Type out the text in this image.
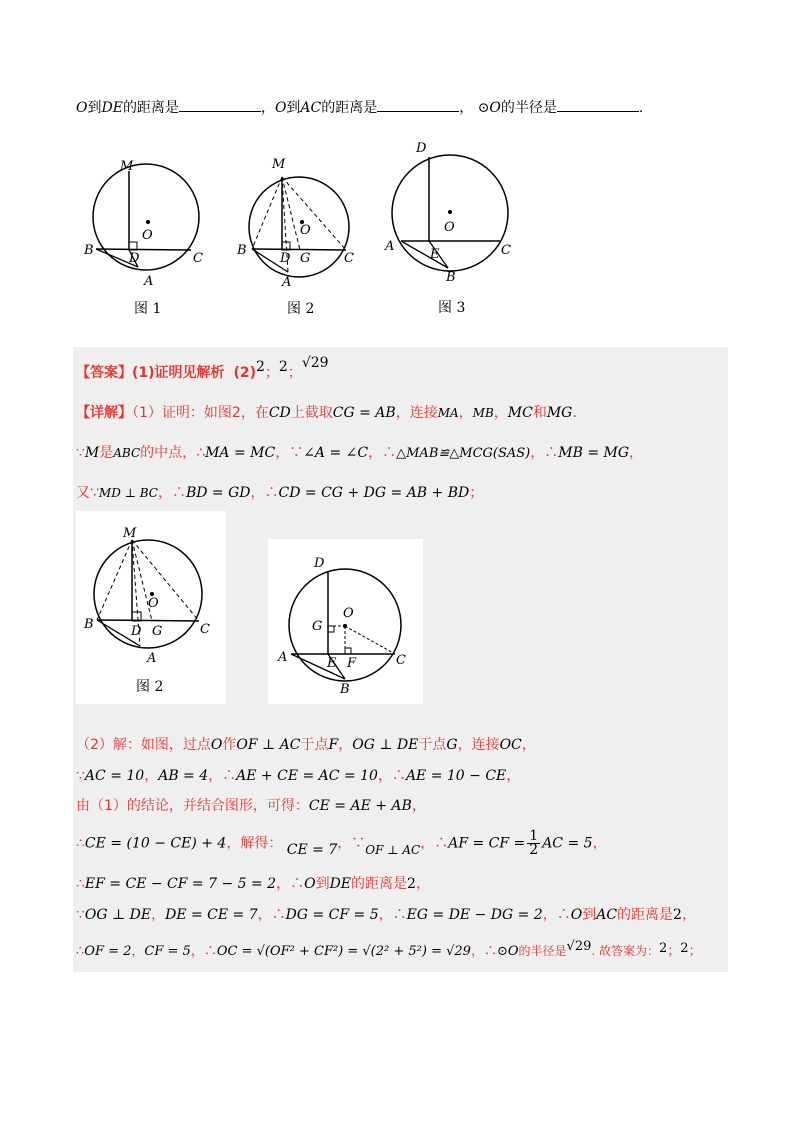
O到DE的距离是	，O到AC的距离是	， ⊙O的半径是	.
M
O
B
D	C
A
图 1
M
O
B
D G	C
A
图 2
D
O
A
E	C
B
图 3
【答案】(1)证明见解析 (2)2；2；√29
【详解】（1）证明：如图2，在CD上截取CG = AB，连接MA，MB，MC和MG.
∵M是ABC的中点，∴MA = MC，∵∠A = ∠C，∴△MAB≌△MCG(SAS)，∴MB = MG，
又∵MD ⊥ BC，∴BD = GD，∴CD = CG + DG = AB + BD；
M
O
B	D G	C
A
图 2
D
G
O
A	E F	C
B
（2）解：如图，过点O作OF ⊥ AC于点F，OG ⊥ DE于点G，连接OC，
∵AC = 10，AB = 4，∴AE + CE = AC = 10，∴AE = 10 − CE，
由（1）的结论，并结合图形，可得：CE = AE + AB，
∴CE = (10 − CE) + 4，解得： CE = 7，∵OF ⊥ AC，∴AF = CF = $\frac{1}{2}$ AC = 5，
∴EF = CE − CF = 7 − 5 = 2，∴O到DE的距离是2，
∵OG ⊥ DE，DE = CE = 7，∴DG = CF = 5，∴EG = DE − DG = 2，∴O到AC的距离是2，
∴OF = 2，CF = 5，∴OC = √(OF² + CF²) = √(2² + 5²) = √29，∴⊙O的半径是√29. 故答案为：2；2；
